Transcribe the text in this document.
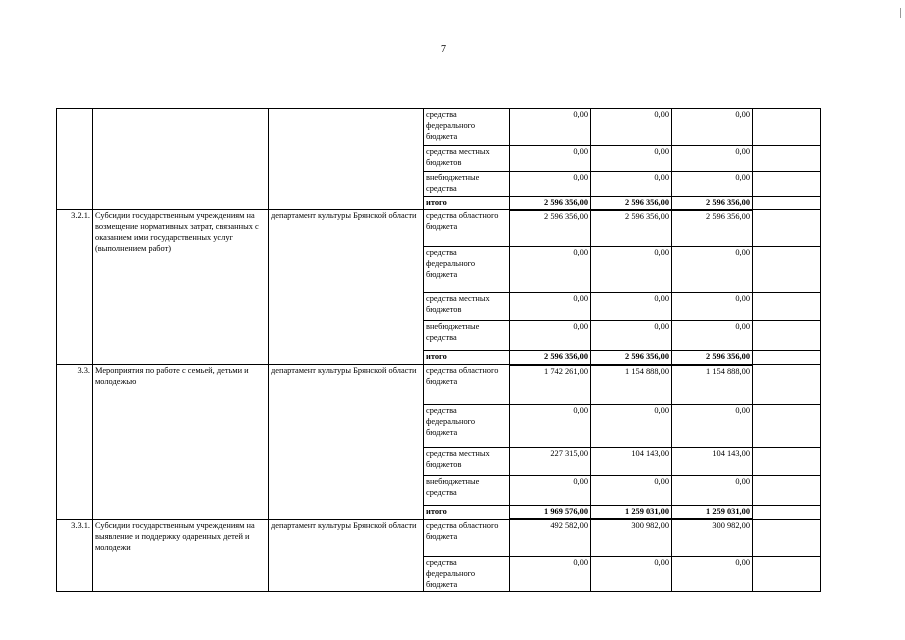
7
			средства федерального бюджета	0,00	0,00	0,00	
			средства местных бюджетов	0,00	0,00	0,00	
			внебюджетные средства	0,00	0,00	0,00	
			итого	2 596 356,00	2 596 356,00	2 596 356,00	
3.2.1.	Субсидии государственным учреждениям на возмещение нормативных затрат, связанных с оказанием ими государственных услуг (выполнением работ)	департамент культуры Брянской области	средства областного бюджета	2 596 356,00	2 596 356,00	2 596 356,00	
			средства федерального бюджета	0,00	0,00	0,00	
			средства местных бюджетов	0,00	0,00	0,00	
			внебюджетные средства	0,00	0,00	0,00	
			итого	2 596 356,00	2 596 356,00	2 596 356,00	
3.3.	Мероприятия по работе с семьей, детьми и молодежью	департамент культуры Брянской области	средства областного бюджета	1 742 261,00	1 154 888,00	1 154 888,00	
			средства федерального бюджета	0,00	0,00	0,00	
			средства местных бюджетов	227 315,00	104 143,00	104 143,00	
			внебюджетные средства	0,00	0,00	0,00	
			итого	1 969 576,00	1 259 031,00	1 259 031,00	
3.3.1.	Субсидии государственным учреждениям на выявление и поддержку одаренных детей и молодежи	департамент культуры Брянской области	средства областного бюджета	492 582,00	300 982,00	300 982,00	
			средства федерального бюджета	0,00	0,00	0,00	
